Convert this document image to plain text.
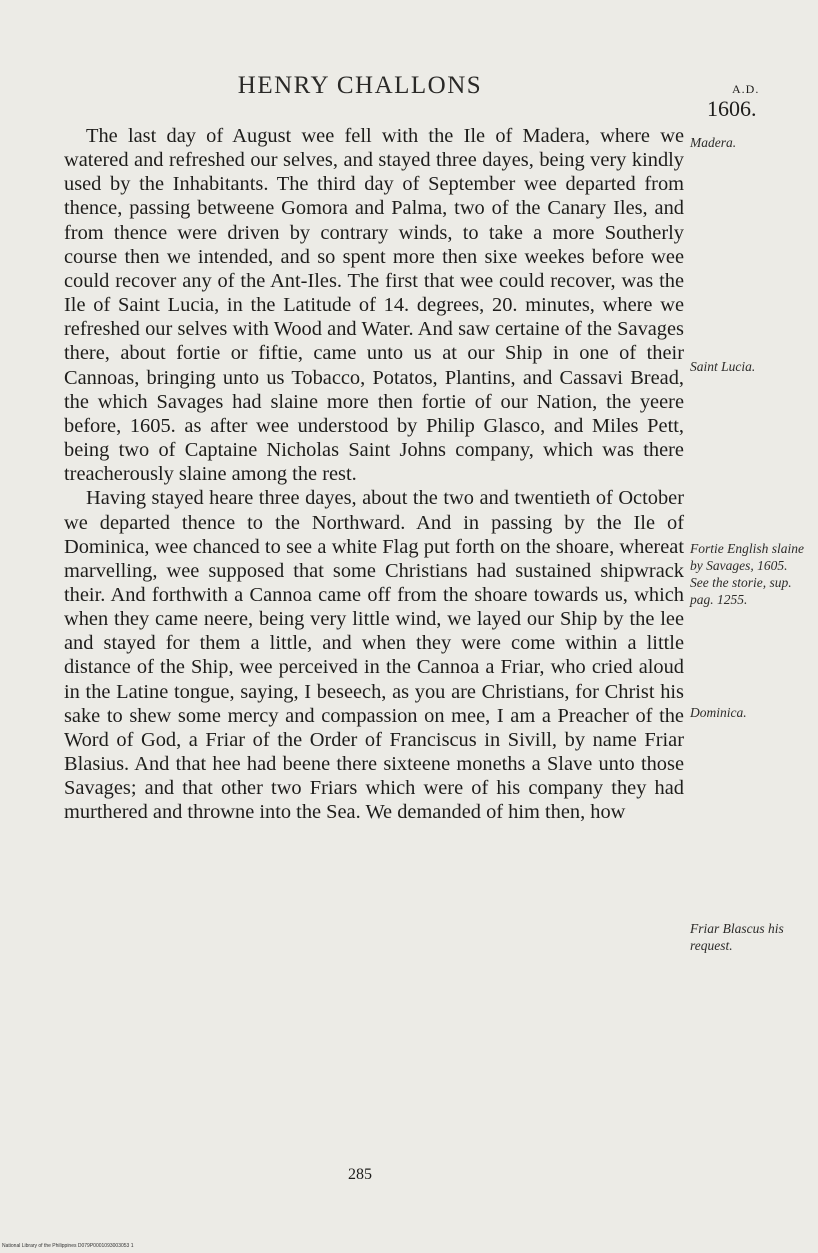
HENRY CHALLONS	A.D.
1606.

The last day of August wee fell with the Ile of Madera, where we watered and refreshed our selves, and stayed three dayes, being very kindly used by the Inhabitants. The third day of September wee departed from thence, passing betweene Gomora and Palma, two of the Canary Iles, and from thence were driven by contrary winds, to take a more Southerly course then we intended, and so spent more then sixe weekes before wee could recover any of the Ant-Iles. The first that wee could recover, was the Ile of Saint Lucia, in the Latitude of 14. degrees, 20. minutes, where we refreshed our selves with Wood and Water. And saw certaine of the Savages there, about fortie or fiftie, came unto us at our Ship in one of their Cannoas, bringing unto us Tobacco, Potatos, Plantins, and Cassavi Bread, the which Savages had slaine more then fortie of our Nation, the yeere before, 1605. as after wee understood by Philip Glasco, and Miles Pett, being two of Captaine Nicholas Saint Johns company, which was there treacherously slaine among the rest.

Having stayed heare three dayes, about the two and twentieth of October we departed thence to the Northward. And in passing by the Ile of Dominica, wee chanced to see a white Flag put forth on the shoare, whereat marvelling, wee supposed that some Christians had sustained shipwrack their. And forthwith a Cannoa came off from the shoare towards us, which when they came neere, being very little wind, we layed our Ship by the lee and stayed for them a little, and when they were come within a little distance of the Ship, wee perceived in the Cannoa a Friar, who cried aloud in the Latine tongue, saying, I beseech, as you are Christians, for Christ his sake to shew some mercy and compassion on mee, I am a Preacher of the Word of God, a Friar of the Order of Franciscus in Sivill, by name Friar Blasius. And that hee had beene there sixteene moneths a Slave unto those Savages; and that other two Friars which were of his company they had murthered and throwne into the Sea. We demanded of him then, how

Madera.
Saint Lucia.
Fortie English slaine by Savages, 1605. See the storie, sup. pag. 1255.
Dominica.
Friar Blascus his request.
285
National Library of the Philippines D079P0001093003053 1
